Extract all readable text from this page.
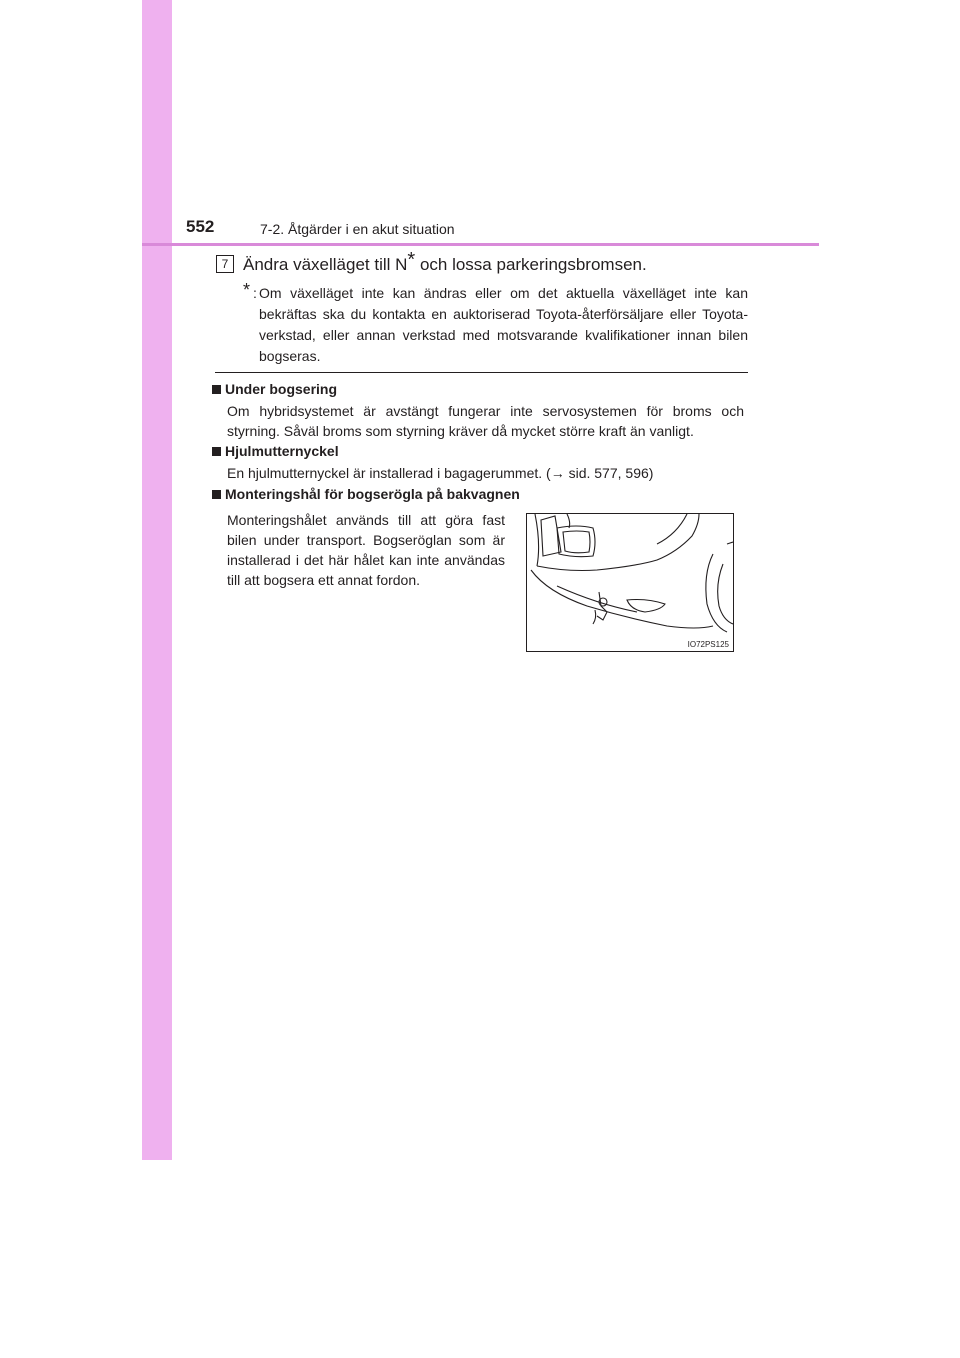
552	7-2. Åtgärder i en akut situation
7 Ändra växelläget till N* och lossa parkeringsbromsen.
* : Om växelläget inte kan ändras eller om det aktuella växelläget inte kan bekräftas ska du kontakta en auktoriserad Toyota-återförsäljare eller Toyota-verkstad, eller annan verkstad med motsvarande kvalifikationer innan bilen bogseras.
Under bogsering
Om hybridsystemet är avstängt fungerar inte servosystemen för broms och styrning. Såväl broms som styrning kräver då mycket större kraft än vanligt.
Hjulmutternyckel
En hjulmutternyckel är installerad i bagagerummet. (→ sid. 577, 596)
Monteringshål för bogserögla på bakvagnen
Monteringshålet används till att göra fast bilen under transport. Bogseröglan som är installerad i det här hålet kan inte användas till att bogsera ett annat fordon.
IO72PS125
